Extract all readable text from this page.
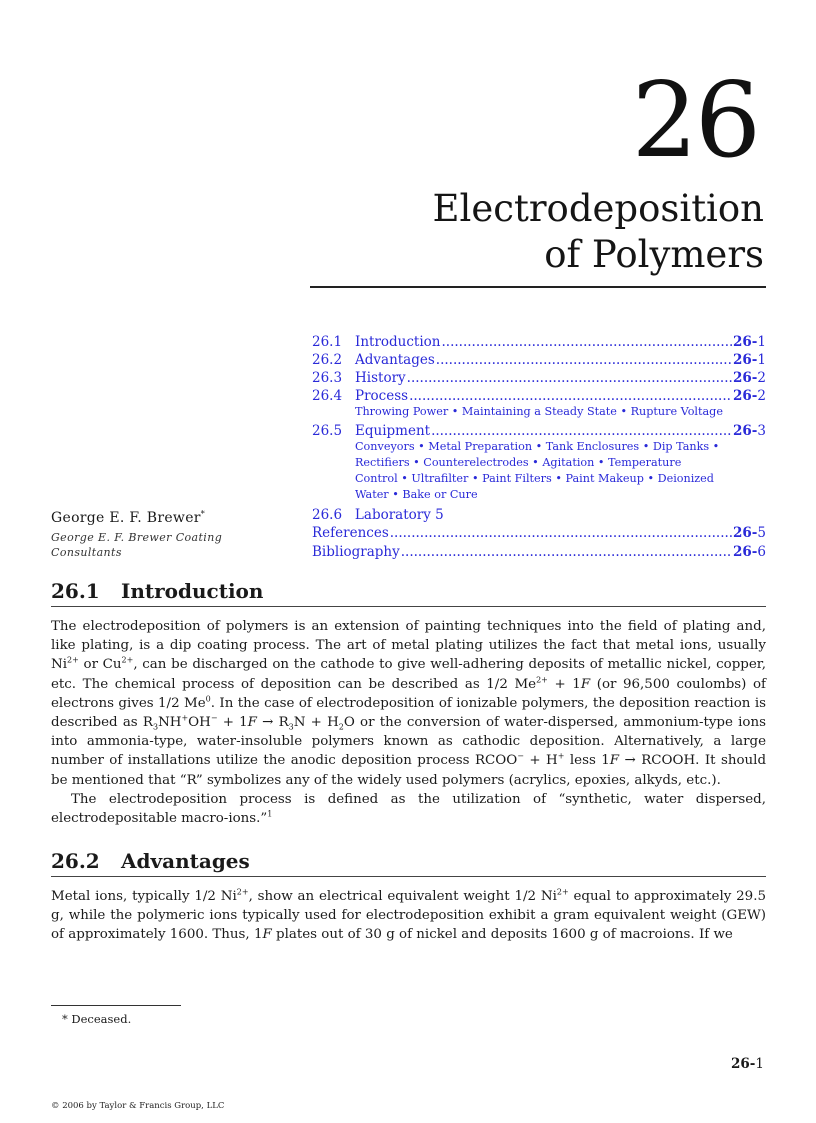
26
Electrodeposition
of Polymers
26.1 Introduction .....	26-1
26.2 Advantages .....	26-1
26.3 History .....	26-2
26.4 Process .....	26-2
Throwing Power • Maintaining a Steady State • Rupture Voltage
26.5 Equipment .....	26-3
Conveyors • Metal Preparation • Tank Enclosures • Dip Tanks •
Rectifiers • Counterelectrodes • Agitation • Temperature
Control • Ultrafilter • Paint Filters • Paint Makeup • Deionized
Water • Bake or Cure
26.6   Laboratory 5
References .....	26-5
Bibliography .....	26-6
George E. F. Brewer*
George E. F. Brewer Coating
Consultants
26.1 Introduction

The electrodeposition of polymers is an extension of painting techniques into the field of plating and, like plating, is a dip coating process. The art of metal plating utilizes the fact that metal ions, usually $Ni^{2+}$ or $Cu^{2+}$, can be discharged on the cathode to give well-adhering deposits of metallic nickel, copper, etc. The chemical process of deposition can be described as 1/2 $Me^{2+} + 1F$ (or 96,500 coulombs) of electrons gives 1/2 Me$^0$. In the case of electrodeposition of ionizable polymers, the deposition reaction is described as $R_3NH^+OH^- + 1F \to R_3N + H_2O$ or the conversion of water-dispersed, ammonium-type ions into ammonia-type, water-insoluble polymers known as cathodic deposition. Alternatively, a large number of installations utilize the anodic deposition process RCOO− + H+ less 1F → RCOOH. It should be mentioned that “R” symbolizes any of the widely used polymers (acrylics, epoxies, alkyds, etc.).

The electrodeposition process is defined as the utilization of “synthetic, water dispersed, electrodepositable macro-ions.”$^1$

26.2 Advantages

Metal ions, typically 1/2 $Ni^{2+}$, show an electrical equivalent weight 1/2 $Ni^{2+}$ equal to approximately 29.5 g, while the polymeric ions typically used for electrodeposition exhibit a gram equivalent weight (GEW) of approximately 1600. Thus, 1F plates out of 30 g of nickel and deposits 1600 g of macroions. If we

* Deceased.
26-1
© 2006 by Taylor & Francis Group, LLC
